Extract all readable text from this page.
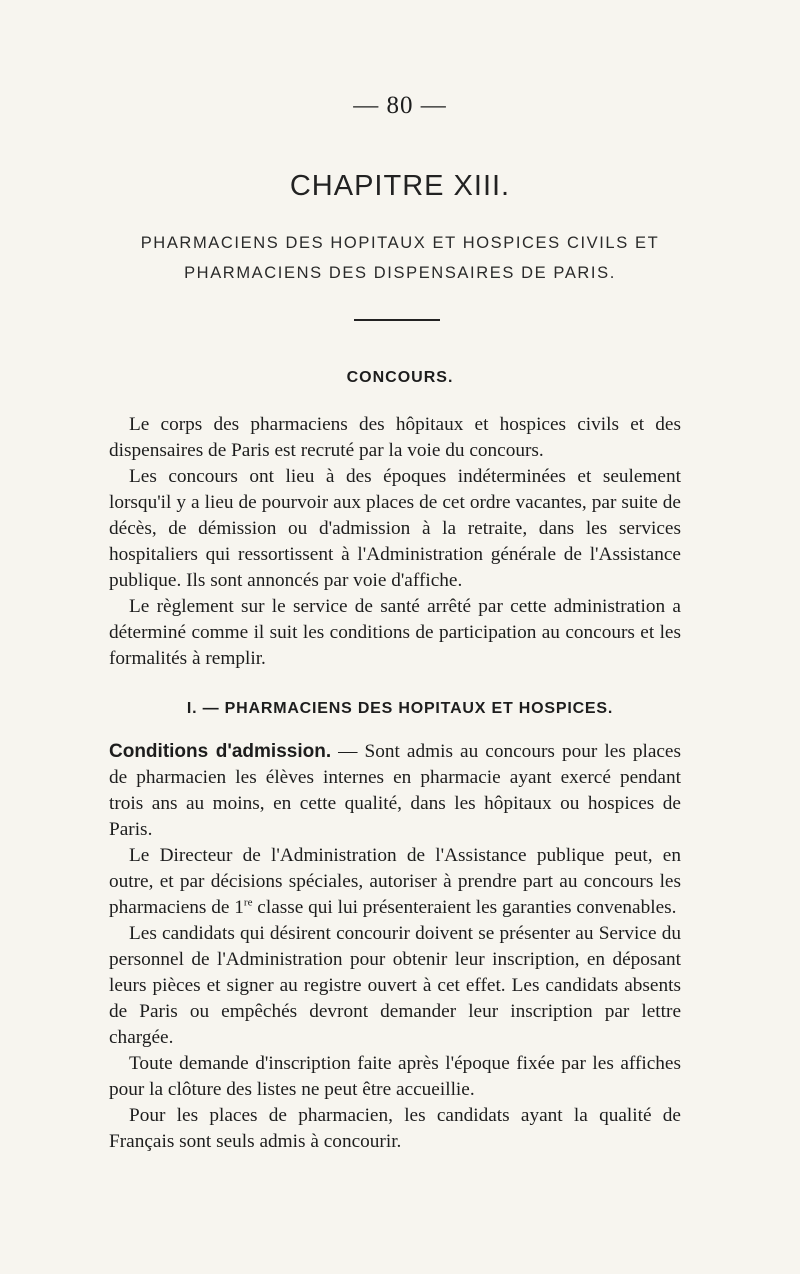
— 80 —
CHAPITRE XIII.
PHARMACIENS DES HOPITAUX ET HOSPICES CIVILS ET
PHARMACIENS DES DISPENSAIRES DE PARIS.
CONCOURS.

Le corps des pharmaciens des hôpitaux et hospices civils et des dispensaires de Paris est recruté par la voie du concours.

Les concours ont lieu à des époques indéterminées et seulement lorsqu'il y a lieu de pourvoir aux places de cet ordre vacantes, par suite de décès, de démission ou d'admission à la retraite, dans les services hospitaliers qui ressortissent à l'Administration générale de l'Assistance publique. Ils sont annoncés par voie d'affiche.

Le règlement sur le service de santé arrêté par cette administration a déterminé comme il suit les conditions de participation au concours et les formalités à remplir.

I. — PHARMACIENS DES HOPITAUX ET HOSPICES.

Conditions d'admission. — Sont admis au concours pour les places de pharmacien les élèves internes en pharmacie ayant exercé pendant trois ans au moins, en cette qualité, dans les hôpitaux ou hospices de Paris.

Le Directeur de l'Administration de l'Assistance publique peut, en outre, et par décisions spéciales, autoriser à prendre part au concours les pharmaciens de 1re classe qui lui présenteraient les garanties convenables.

Les candidats qui désirent concourir doivent se présenter au Service du personnel de l'Administration pour obtenir leur inscription, en déposant leurs pièces et signer au registre ouvert à cet effet. Les candidats absents de Paris ou empêchés devront demander leur inscription par lettre chargée.

Toute demande d'inscription faite après l'époque fixée par les affiches pour la clôture des listes ne peut être accueillie.

Pour les places de pharmacien, les candidats ayant la qualité de Français sont seuls admis à concourir.
